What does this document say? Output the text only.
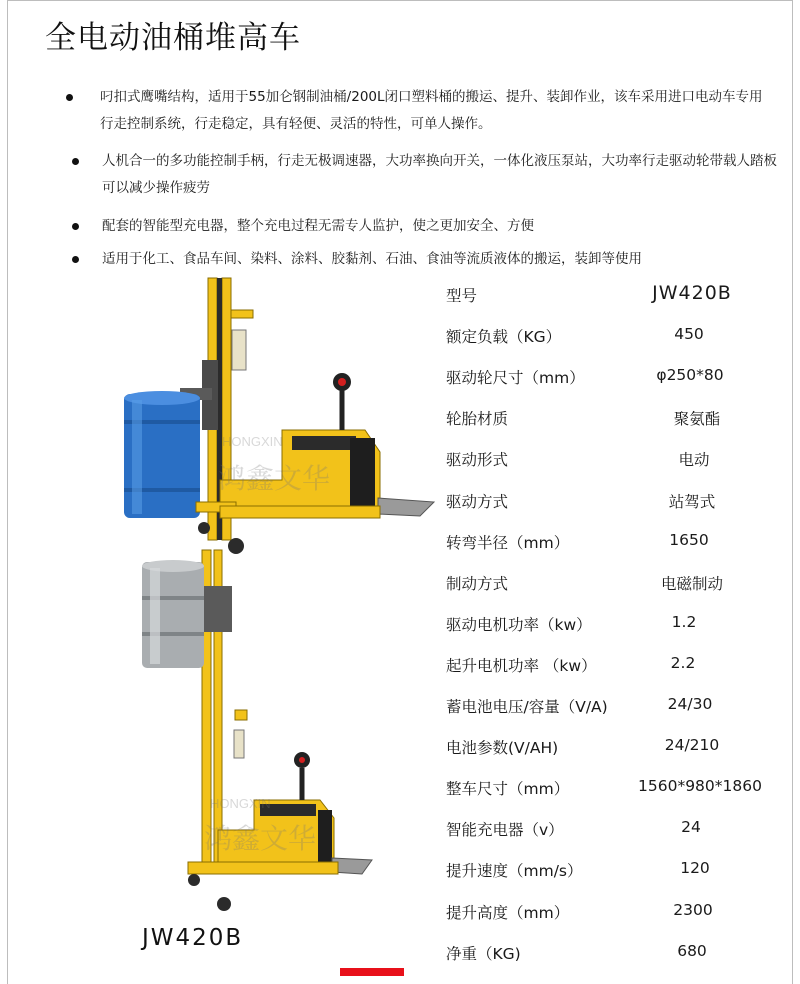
全电动油桶堆高车
叼扣式鹰嘴结构，适用于55加仑钢制油桶/200L闭口塑料桶的搬运、提升、装卸作业，该车采用进口电动车专用行走控制系统，行走稳定，具有轻便、灵活的特性，可单人操作。
人机合一的多功能控制手柄，行走无极调速器，大功率换向开关，一体化液压泵站，大功率行走驱动轮带载人踏板可以减少操作疲劳
配套的智能型充电器，整个充电过程无需专人监护，使之更加安全、方便
适用于化工、食品车间、染料、涂料、胶黏剂、石油、食油等流质液体的搬运，装卸等使用
HONGXIN
鸿鑫文华
HONGXIN
鸿鑫文华
JW420B
型号	JW420B
额定负载（KG）	450
驱动轮尺寸（mm）	φ250*80
轮胎材质	聚氨酯
驱动形式	电动
驱动方式	站驾式
转弯半径（mm）	1650
制动方式	电磁制动
驱动电机功率（kw）	1.2
起升电机功率 （kw）	2.2
蓄电池电压/容量（V/A)	24/30
电池参数(V/AH)	24/210
整车尺寸（mm）	1560*980*1860
智能充电器（v）	24
提升速度（mm/s）	120
提升高度（mm）	2300
净重（KG)	680
